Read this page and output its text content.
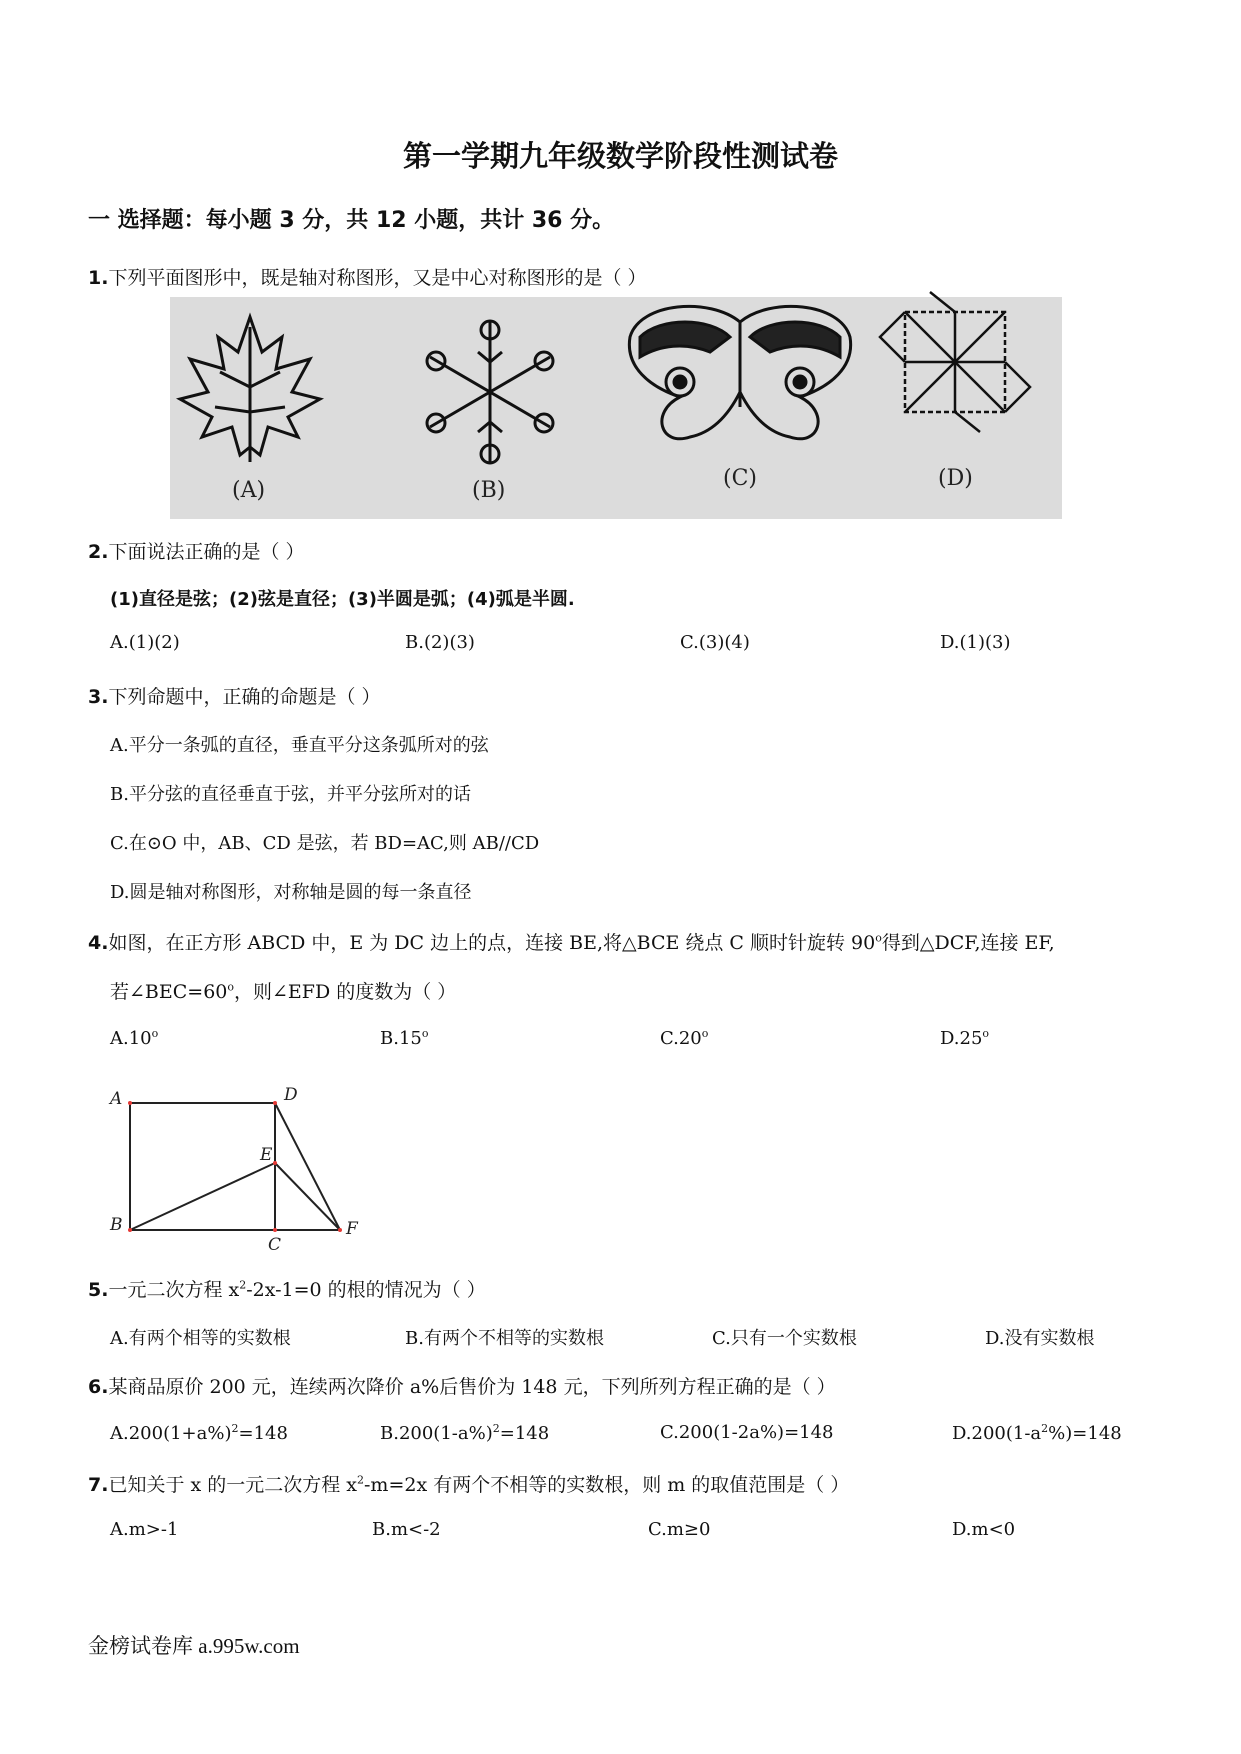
第一学期九年级数学阶段性测试卷
一 选择题：每小题 3 分，共 12 小题，共计 36 分。
1.下列平面图形中，既是轴对称图形，又是中心对称图形的是（ ）
(A)	(B)	(C)	(D)
2.下面说法正确的是（ ）
(1)直径是弦；(2)弦是直径；(3)半圆是弧；(4)弧是半圆.
A.(1)(2)	B.(2)(3)	C.(3)(4)	D.(1)(3)
3.下列命题中，正确的命题是（ ）
A.平分一条弧的直径，垂直平分这条弧所对的弦
B.平分弦的直径垂直于弦，并平分弦所对的话
C.在⊙O 中，AB、CD 是弦，若 BD=AC,则 AB//CD
D.圆是轴对称图形，对称轴是圆的每一条直径
4.如图，在正方形 ABCD 中，E 为 DC 边上的点，连接 BE,将△BCE 绕点 C 顺时针旋转 90$^o$得到△DCF,连接 EF,
若$\angle BEC=60^o$，则∠EFD 的度数为（ ）
A.10$^o$	B.15$^o$	C.20$^o$	D.25$^o$
A	D
E
B
C
F
5.一元二次方程 $x^2-2x-1=0$ 的根的情况为（ ）
A.有两个相等的实数根	B.有两个不相等的实数根	C.只有一个实数根	D.没有实数根
6.某商品原价 200 元，连续两次降价 a%后售价为 148 元，下列所列方程正确的是（ ）
$A.200(1+a\%)^2=148$	$B.200(1-a\%)^2=148$	C.200(1-2a%)=148	$D.200(1-a^2\%)=148$
7.已知关于 x 的一元二次方程 $x^2-m=2x$ 有两个不相等的实数根，则 m 的取值范围是（ ）
A.m>-1	B.m<-2	C.m≥0	D.m<0
金榜试卷库 a.995w.com
